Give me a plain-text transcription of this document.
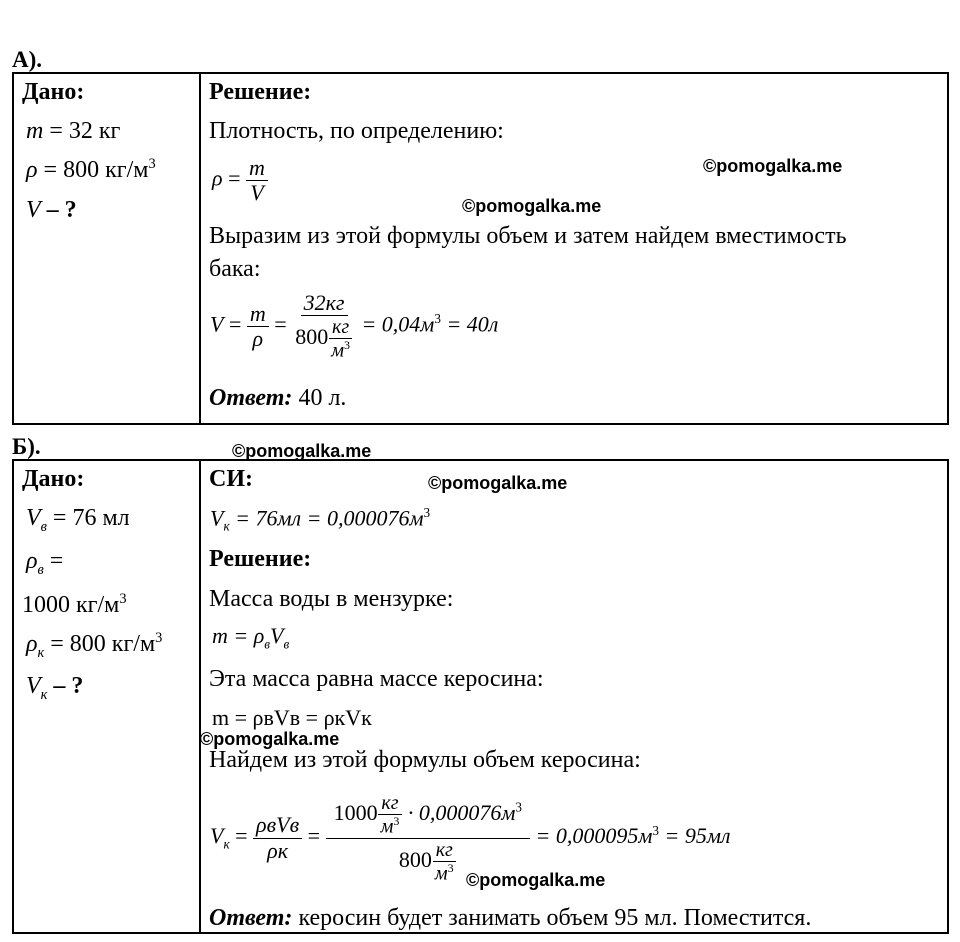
А).
Дано:
m = 32 кг
ρ = 800 $кг/м^3$
V – ?
Решение:
Плотность, по определению:
$\rho = \frac{m}{V}$	©pomogalka.me
©pomogalka.me
Выразим из этой формулы объем и затем найдем вместимость
бака:
$V = \frac{m}{\rho} = \frac{32кг}{800 \frac{кг}{м^3}} = 0,04м^3 = 40л$
Ответ: 40 л.
Б).	©pomogalka.me
Дано:
$V_в = 76$ мл
$\rho_в$ =
1000 $кг/м^3$
$\rho_к = 800$ $кг/м^3$
$V_к$ – ?
СИ:	©pomogalka.me
$V_к = 76мл = 0,000076м^3$
Решение:
Масса воды в мензурке:
$m = \rho_вV_в$
Эта масса равна массе керосина:
m = ρвVв = ρкVк
©pomogalka.me
Найдем из этой формулы объем керосина:
$V_к = \frac{\text{ρвVв}}{\rho к} = \frac{1000 \frac{кг}{м^3} \cdot 0,000076м^3}{800 \frac{кг}{м^3}} = 0,000095м^3 = 95мл$
©pomogalka.me
Ответ: керосин будет занимать объем 95 мл. Поместится.
